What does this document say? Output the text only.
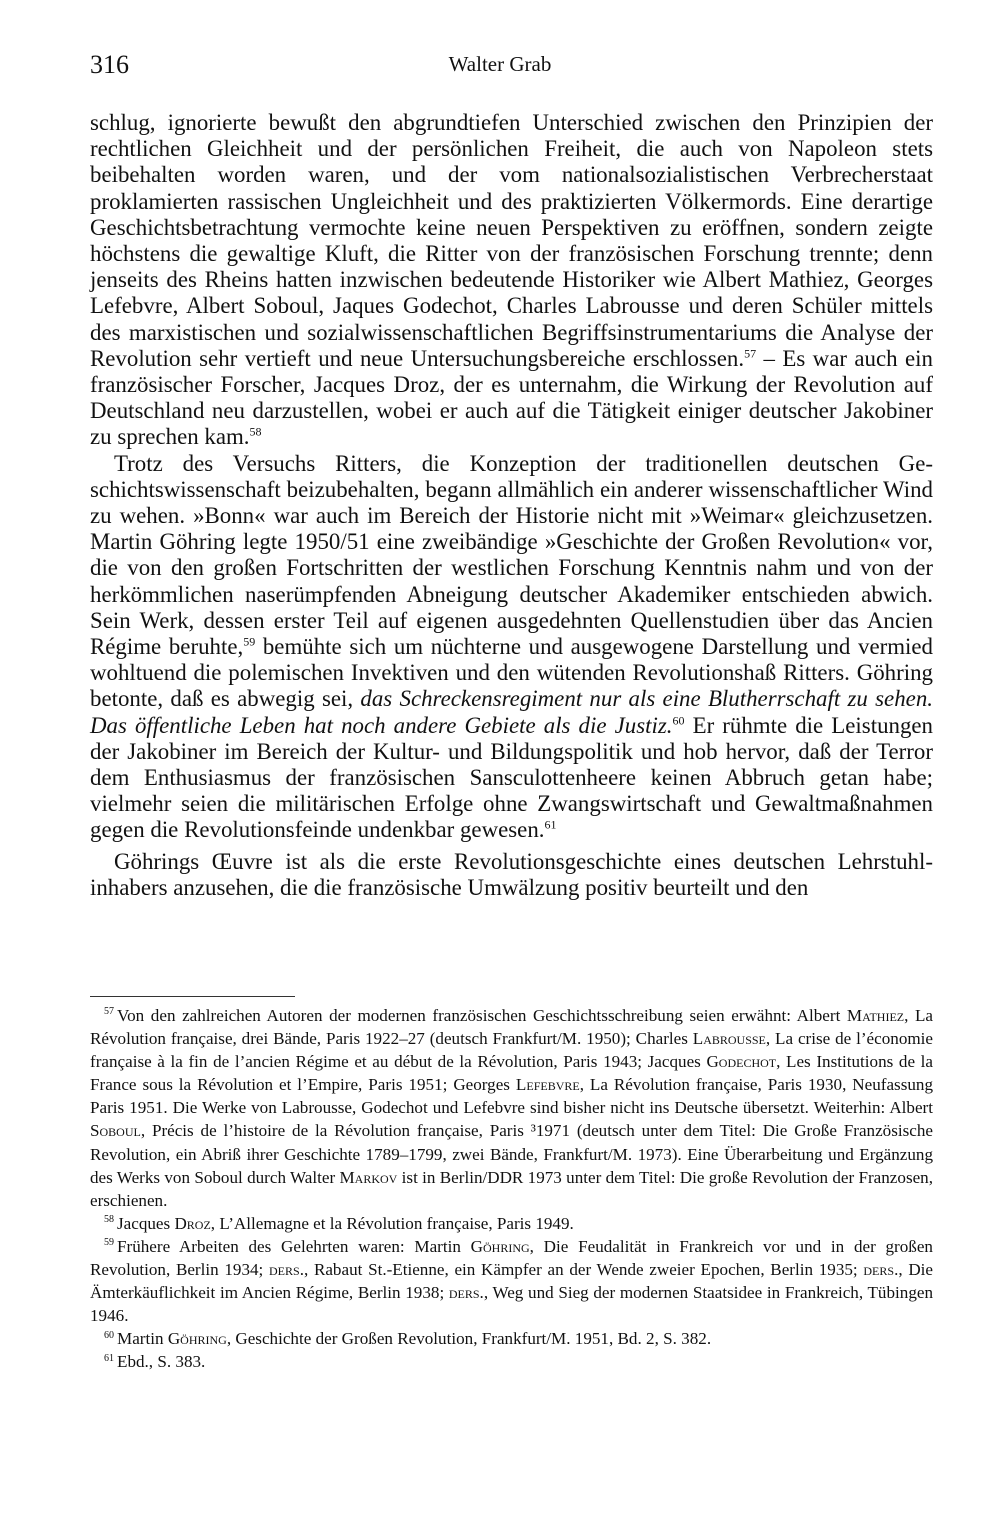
316	Walter Grab

schlug, ignorierte bewußt den abgrundtiefen Unterschied zwischen den Prinzipien der rechtlichen Gleichheit und der persönlichen Freiheit, die auch von Napoleon stets beibehalten worden waren, und der vom nationalsozialistischen Verbrecherstaat proklamierten rassischen Ungleichheit und des praktizierten Völkermords. Eine derartige Geschichtsbetrachtung vermochte keine neuen Perspektiven zu eröffnen, sondern zeigte höchstens die gewaltige Kluft, die Ritter von der französischen Forschung trennte; denn jenseits des Rheins hatten inzwischen bedeutende Historiker wie Albert Mathiez, Georges Lefebvre, Albert Soboul, Jaques Godechot, Charles Labrousse und deren Schüler mittels des marxistischen und sozialwissenschaftlichen Begriffsinstrumentariums die Analyse der Revolution sehr vertieft und neue Untersuchungsbereiche erschlossen.$^{57}$ – Es war auch ein französischer Forscher, Jacques Droz, der es unternahm, die Wirkung der Revolution auf Deutschland neu darzustellen, wobei er auch auf die Tätigkeit einiger deutscher Jakobiner zu sprechen kam.$^{58}$

Trotz des Versuchs Ritters, die Konzeption der traditionellen deutschen Geschichtswissenschaft beizubehalten, begann allmählich ein anderer wissenschaftlicher Wind zu wehen. »Bonn« war auch im Bereich der Historie nicht mit »Weimar« gleichzusetzen. Martin Göhring legte 1950/51 eine zweibändige »Geschichte der Großen Revolution« vor, die von den großen Fortschritten der westlichen Forschung Kenntnis nahm und von der herkömmlichen naserümpfenden Abneigung deutscher Akademiker entschieden abwich. Sein Werk, dessen erster Teil auf eigenen ausgedehnten Quellenstudien über das Ancien Régime beruhte,$^{59}$ bemühte sich um nüchterne und ausgewogene Darstellung und vermied wohltuend die polemischen Invektiven und den wütenden Revolutionshaß Ritters. Göhring betonte, daß es abwegig sei, das Schreckensregiment nur als eine Blutherrschaft zu sehen. Das öffentliche Leben hat noch andere Gebiete als die Justiz.$^{60}$ Er rühmte die Leistungen der Jakobiner im Bereich der Kultur- und Bildungspolitik und hob hervor, daß der Terror dem Enthusiasmus der französischen Sansculottenheere keinen Abbruch getan habe; vielmehr seien die militärischen Erfolge ohne Zwangswirtschaft und Gewaltmaßnahmen gegen die Revolutionsfeinde undenkbar gewesen.$^{61}$

Göhrings Œuvre ist als die erste Revolutionsgeschichte eines deutschen Lehrstuhlinhabers anzusehen, die die französische Umwälzung positiv beurteilt und den

$^{57}$ Von den zahlreichen Autoren der modernen französischen Geschichtsschreibung seien erwähnt: Albert Mathiez, La Révolution française, drei Bände, Paris 1922–27 (deutsch Frankfurt/M. 1950); Charles Labrousse, La crise de l’économie française à la fin de l’ancien Régime et au début de la Révolution, Paris 1943; Jacques Godechot, Les Institutions de la France sous la Révolution et l’Empire, Paris 1951; Georges Lefebvre, La Révolution française, Paris 1930, Neufassung Paris 1951. Die Werke von Labrousse, Godechot und Lefebvre sind bisher nicht ins Deutsche übersetzt. Weiterhin: Albert Soboul, Précis de l’histoire de la Révolution française, Paris ³1971 (deutsch unter dem Titel: Die Große Französische Revolution, ein Abriß ihrer Geschichte 1789–1799, zwei Bände, Frankfurt/M. 1973). Eine Überarbeitung und Ergänzung des Werks von Soboul durch Walter Markov ist in Berlin/DDR 1973 unter dem Titel: Die große Revolution der Franzosen, erschienen.

$^{58}$ Jacques Droz, L’Allemagne et la Révolution française, Paris 1949.

$^{59}$ Frühere Arbeiten des Gelehrten waren: Martin Göhring, Die Feudalität in Frankreich vor und in der großen Revolution, Berlin 1934; ders., Rabaut St.-Etienne, ein Kämpfer an der Wende zweier Epochen, Berlin 1935; ders., Die Ämterkäuflichkeit im Ancien Régime, Berlin 1938; ders., Weg und Sieg der modernen Staatsidee in Frankreich, Tübingen 1946.

$^{60}$ Martin Göhring, Geschichte der Großen Revolution, Frankfurt/M. 1951, Bd. 2, S. 382.

$^{61}$ Ebd., S. 383.
